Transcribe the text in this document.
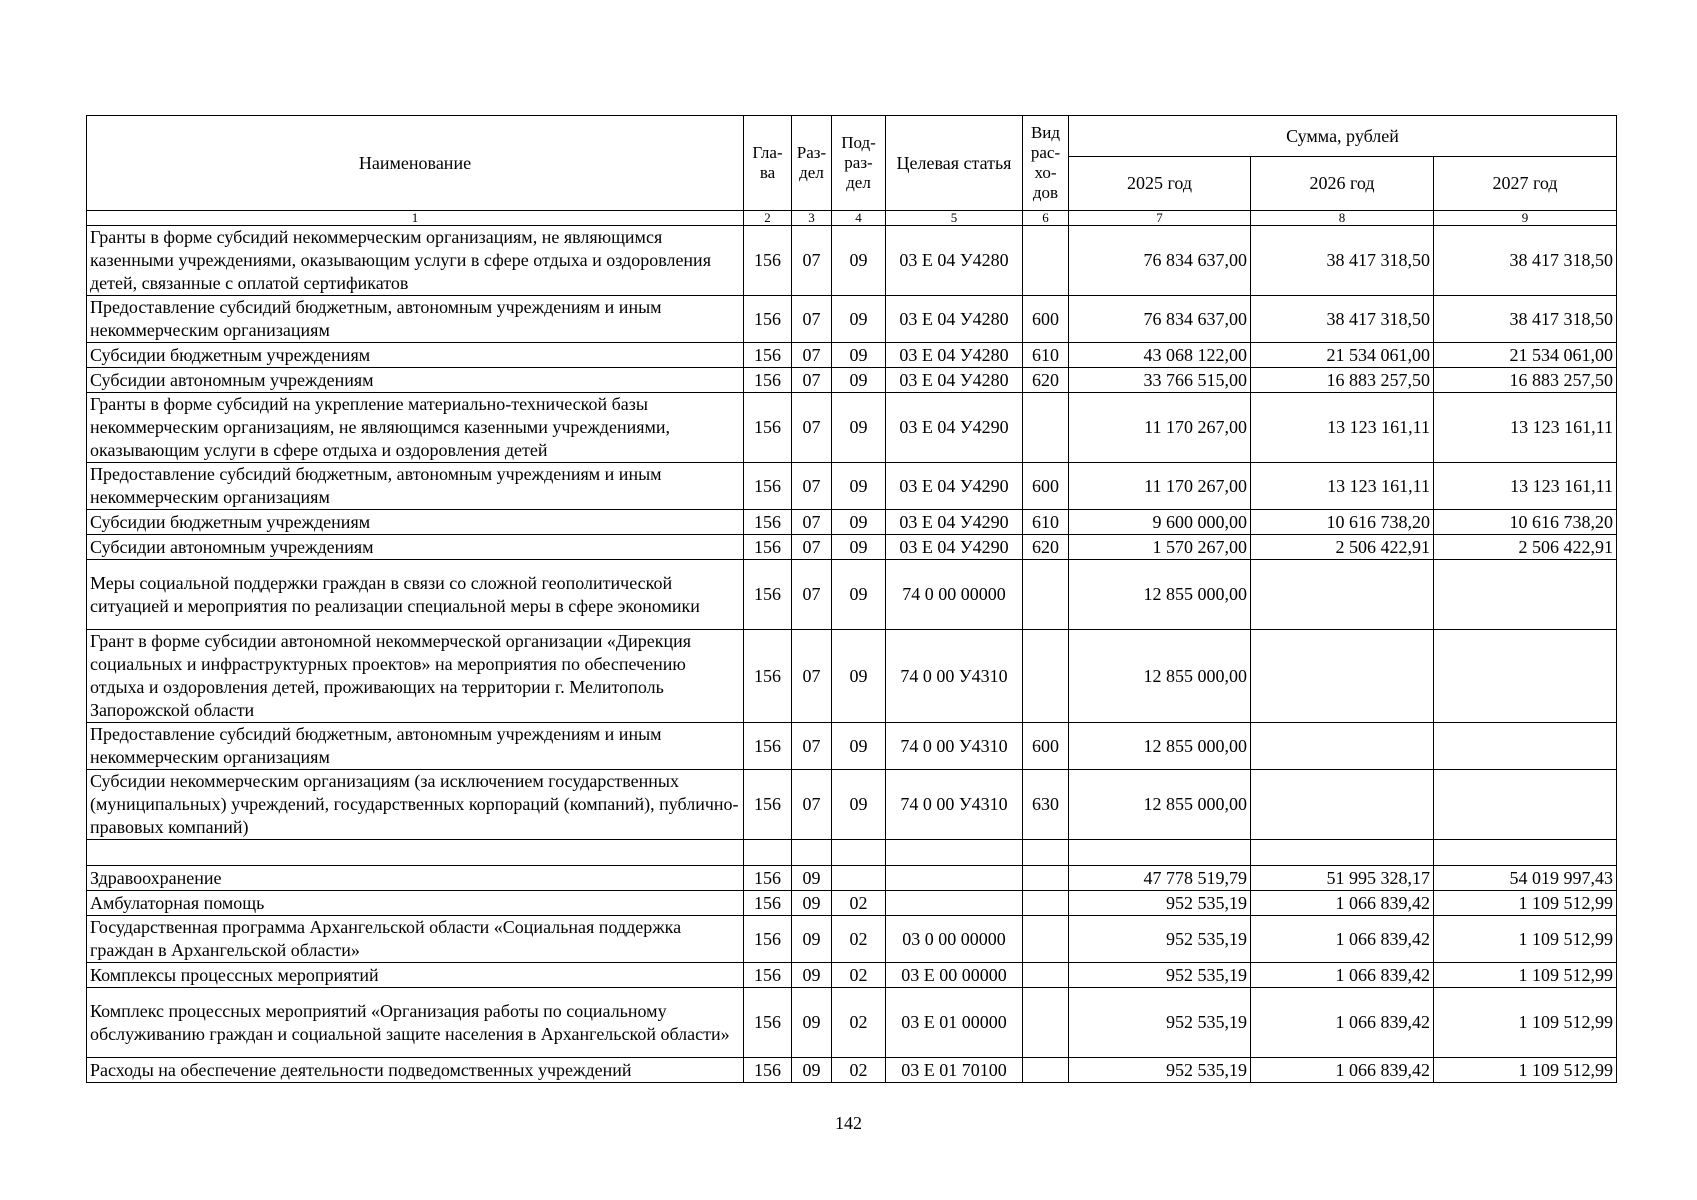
Наименование	Гла-ва	Раз-дел	Под-раз-дел	Целевая статья	Вид рас-хо-дов	Сумма, рублей		
						2025 год	2026 год	2027 год
1	2	3	4	5	6	7	8	9
Гранты в форме субсидий некоммерческим организациям, не являющимся казенными учреждениями, оказывающим услуги в сфере отдыха и оздоровления детей, связанные с оплатой сертификатов	156	07	09	03 Е 04 У4280		76 834 637,00	38 417 318,50	38 417 318,50
Предоставление субсидий бюджетным, автономным учреждениям и иным некоммерческим организациям	156	07	09	03 Е 04 У4280	600	76 834 637,00	38 417 318,50	38 417 318,50
Субсидии бюджетным учреждениям	156	07	09	03 Е 04 У4280	610	43 068 122,00	21 534 061,00	21 534 061,00
Субсидии автономным учреждениям	156	07	09	03 Е 04 У4280	620	33 766 515,00	16 883 257,50	16 883 257,50
Гранты в форме субсидий на укрепление материально-технической базы некоммерческим организациям, не являющимся казенными учреждениями, оказывающим услуги в сфере отдыха и оздоровления детей	156	07	09	03 Е 04 У4290		11 170 267,00	13 123 161,11	13 123 161,11
Предоставление субсидий бюджетным, автономным учреждениям и иным некоммерческим организациям	156	07	09	03 Е 04 У4290	600	11 170 267,00	13 123 161,11	13 123 161,11
Субсидии бюджетным учреждениям	156	07	09	03 Е 04 У4290	610	9 600 000,00	10 616 738,20	10 616 738,20
Субсидии автономным учреждениям	156	07	09	03 Е 04 У4290	620	1 570 267,00	2 506 422,91	2 506 422,91
Меры социальной поддержки граждан в связи со сложной геополитической ситуацией и мероприятия по реализации специальной меры в сфере экономики	156	07	09	74 0 00 00000		12 855 000,00		
Грант в форме субсидии автономной некоммерческой организации «Дирекция социальных и инфраструктурных проектов» на мероприятия по обеспечению отдыха и оздоровления детей, проживающих на территории г. Мелитополь Запорожской области	156	07	09	74 0 00 У4310		12 855 000,00		
Предоставление субсидий бюджетным, автономным учреждениям и иным некоммерческим организациям	156	07	09	74 0 00 У4310	600	12 855 000,00		
Субсидии некоммерческим организациям (за исключением государственных (муниципальных) учреждений, государственных корпораций (компаний), публично-правовых компаний)	156	07	09	74 0 00 У4310	630	12 855 000,00		

Здравоохранение	156	09				47 778 519,79	51 995 328,17	54 019 997,43
Амбулаторная помощь	156	09	02			952 535,19	1 066 839,42	1 109 512,99
Государственная программа Архангельской области «Социальная поддержка граждан в Архангельской области»	156	09	02	03 0 00 00000		952 535,19	1 066 839,42	1 109 512,99
Комплексы процессных мероприятий	156	09	02	03 Е 00 00000		952 535,19	1 066 839,42	1 109 512,99
Комплекс процессных мероприятий «Организация работы по социальному обслуживанию граждан и социальной защите населения в Архангельской области»	156	09	02	03 Е 01 00000		952 535,19	1 066 839,42	1 109 512,99
Расходы на обеспечение деятельности подведомственных учреждений	156	09	02	03 Е 01 70100		952 535,19	1 066 839,42	1 109 512,99
142
